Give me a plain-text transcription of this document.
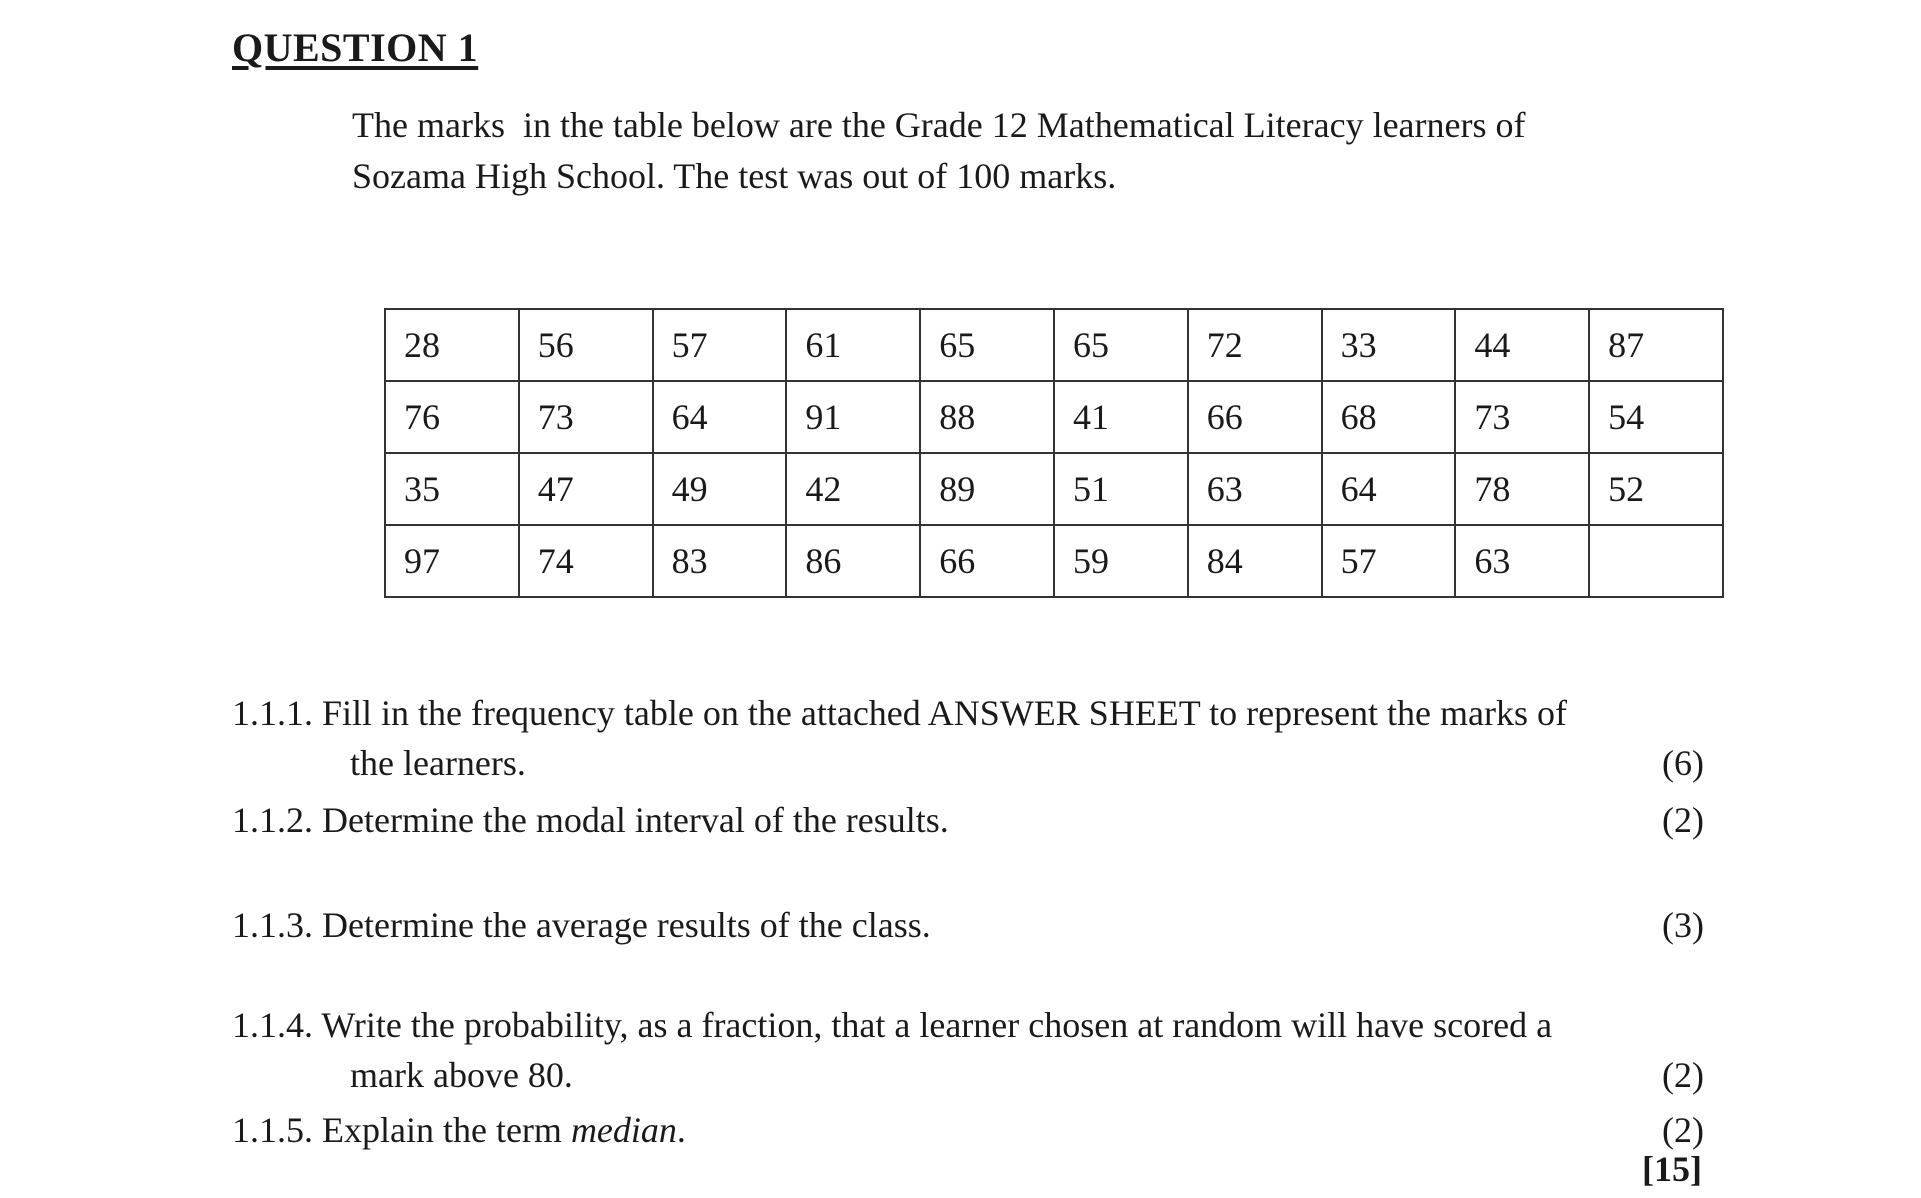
QUESTION 1
The marks  in the table below are the Grade 12 Mathematical Literacy learners of
Sozama High School. The test was out of 100 marks.
28	56	57	61	65	65	72	33	44	87
76	73	64	91	88	41	66	68	73	54
35	47	49	42	89	51	63	64	78	52
97	74	83	86	66	59	84	57	63	
1.1.1. Fill in the frequency table on the attached ANSWER SHEET to represent the marks of
the learners.	(6)
1.1.2. Determine the modal interval of the results.	(2)
1.1.3. Determine the average results of the class.	(3)
1.1.4. Write the probability, as a fraction, that a learner chosen at random will have scored a
mark above 80.	(2)
1.1.5. Explain the term median.	(2)
[15]
